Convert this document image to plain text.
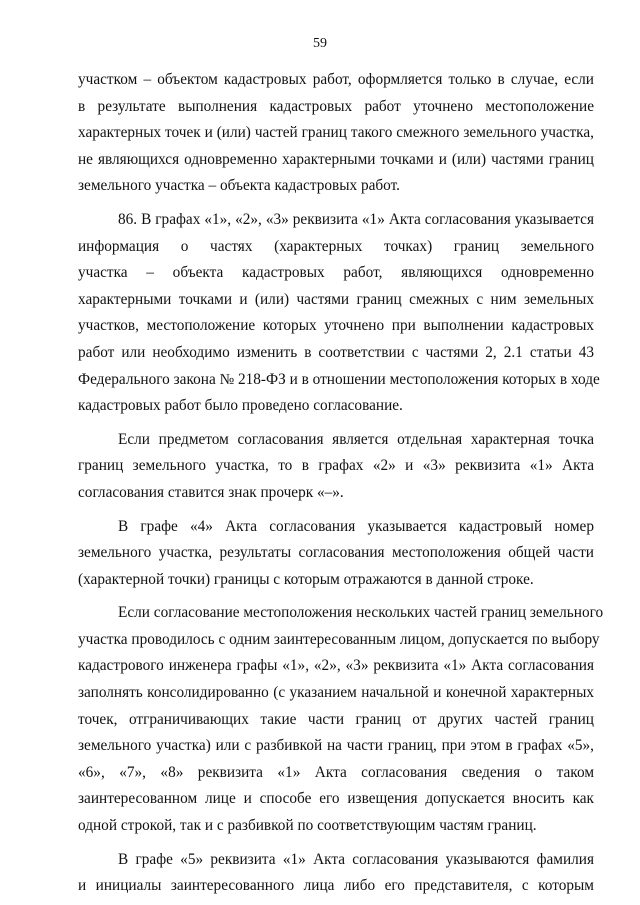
59
участком – объектом кадастровых работ, оформляется только в случае, если
в результате выполнения кадастровых работ уточнено местоположение
характерных точек и (или) частей границ такого смежного земельного участка,
не являющихся одновременно характерными точками и (или) частями границ
земельного участка – объекта кадастровых работ.
86. В графах «1», «2», «3» реквизита «1» Акта согласования указывается
информация о частях (характерных точках) границ земельного
участка – объекта кадастровых работ, являющихся одновременно
характерными точками и (или) частями границ смежных с ним земельных
участков, местоположение которых уточнено при выполнении кадастровых
работ или необходимо изменить в соответствии с частями 2, 2.1 статьи 43
Федерального закона № 218-ФЗ и в отношении местоположения которых в ходе
кадастровых работ было проведено согласование.
Если предметом согласования является отдельная характерная точка
границ земельного участка, то в графах «2» и «3» реквизита «1» Акта
согласования ставится знак прочерк «–».
В графе «4» Акта согласования указывается кадастровый номер
земельного участка, результаты согласования местоположения общей части
(характерной точки) границы с которым отражаются в данной строке.
Если согласование местоположения нескольких частей границ земельного
участка проводилось с одним заинтересованным лицом, допускается по выбору
кадастрового инженера графы «1», «2», «3» реквизита «1» Акта согласования
заполнять консолидированно (с указанием начальной и конечной характерных
точек, отграничивающих такие части границ от других частей границ
земельного участка) или с разбивкой на части границ, при этом в графах «5»,
«6», «7», «8» реквизита «1» Акта согласования сведения о таком
заинтересованном лице и способе его извещения допускается вносить как
одной строкой, так и с разбивкой по соответствующим частям границ.
В графе «5» реквизита «1» Акта согласования указываются фамилия
и инициалы заинтересованного лица либо его представителя, с которым
